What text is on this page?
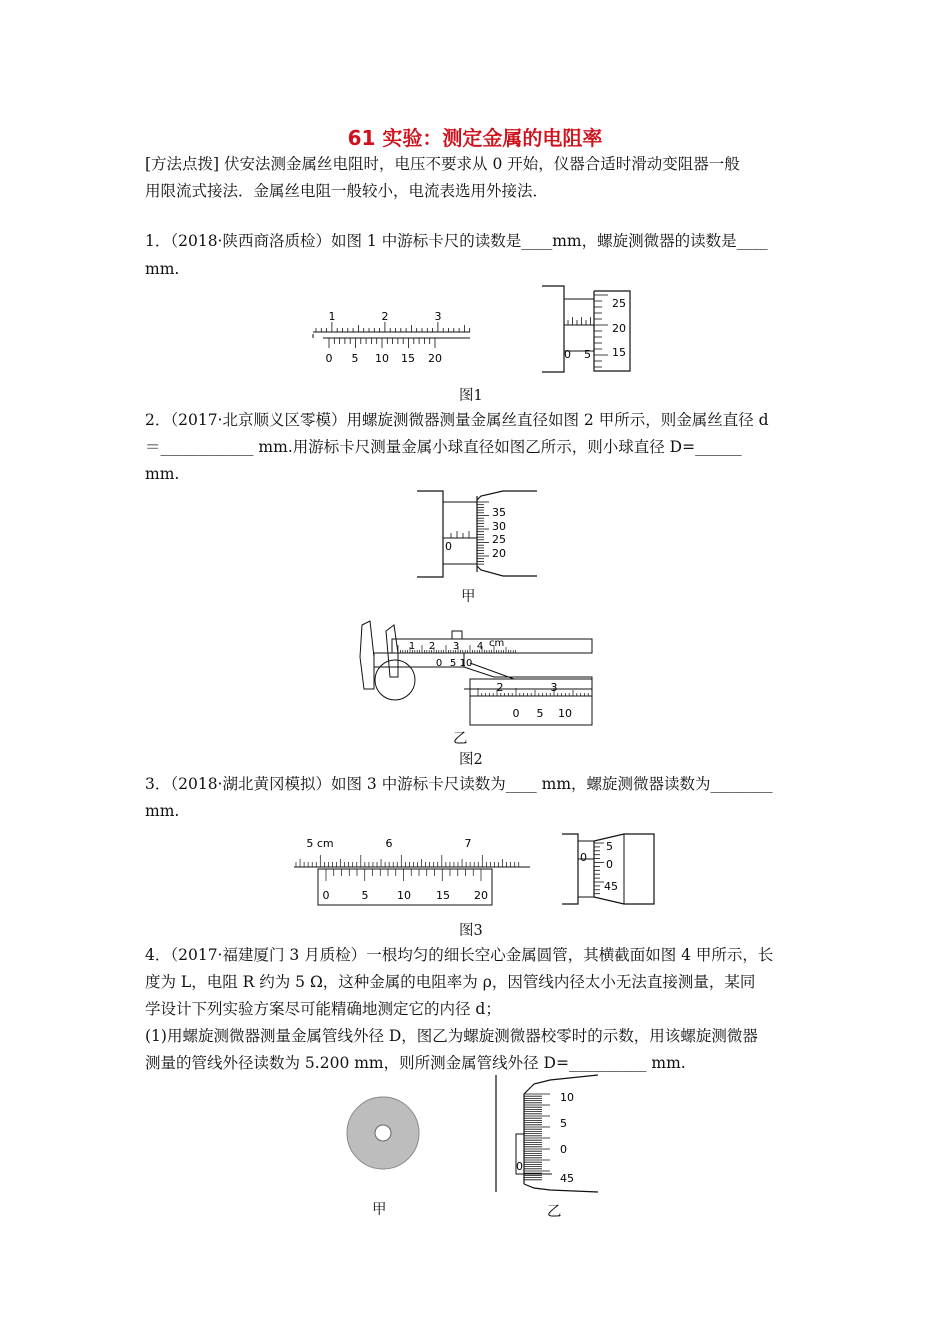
61 实验：测定金属的电阻率
[方法点拨] 伏安法测金属丝电阻时，电压不要求从 0 开始，仪器合适时滑动变阻器一般
用限流式接法．金属丝电阻一般较小，电流表选用外接法．
1．（2018·陕西商洛质检）如图 1 中游标卡尺的读数是____mm，螺旋测微器的读数是____
mm.
1	2	3
0 5 10 15 20
25
20
15
0 5
图1
2．（2017·北京顺义区零模）用螺旋测微器测量金属丝直径如图 2 甲所示，则金属丝直径 d
＝____________ mm.用游标卡尺测量金属小球直径如图乙所示，则小球直径 D=______
mm.
35
30
25
20
0
甲
1 2 3 4 cm
0 5 10
2	3
0 5 10
乙
图2
3．（2018·湖北黄冈模拟）如图 3 中游标卡尺读数为____ mm，螺旋测微器读数为________
mm.
5 cm	6	7
0	5	10 15 20
5
0
45
0
图3
4．（2017·福建厦门 3 月质检）一根均匀的细长空心金属圆管，其横截面如图 4 甲所示，长
度为 L，电阻 R 约为 5 Ω，这种金属的电阻率为 ρ，因管线内径太小无法直接测量，某同
学设计下列实验方案尽可能精确地测定它的内径 d；
(1)用螺旋测微器测量金属管线外径 D，图乙为螺旋测微器校零时的示数，用该螺旋测微器
测量的管线外径读数为 5.200 mm，则所测金属管线外径 D=__________ mm.
甲
10
5
0
45
0
乙
